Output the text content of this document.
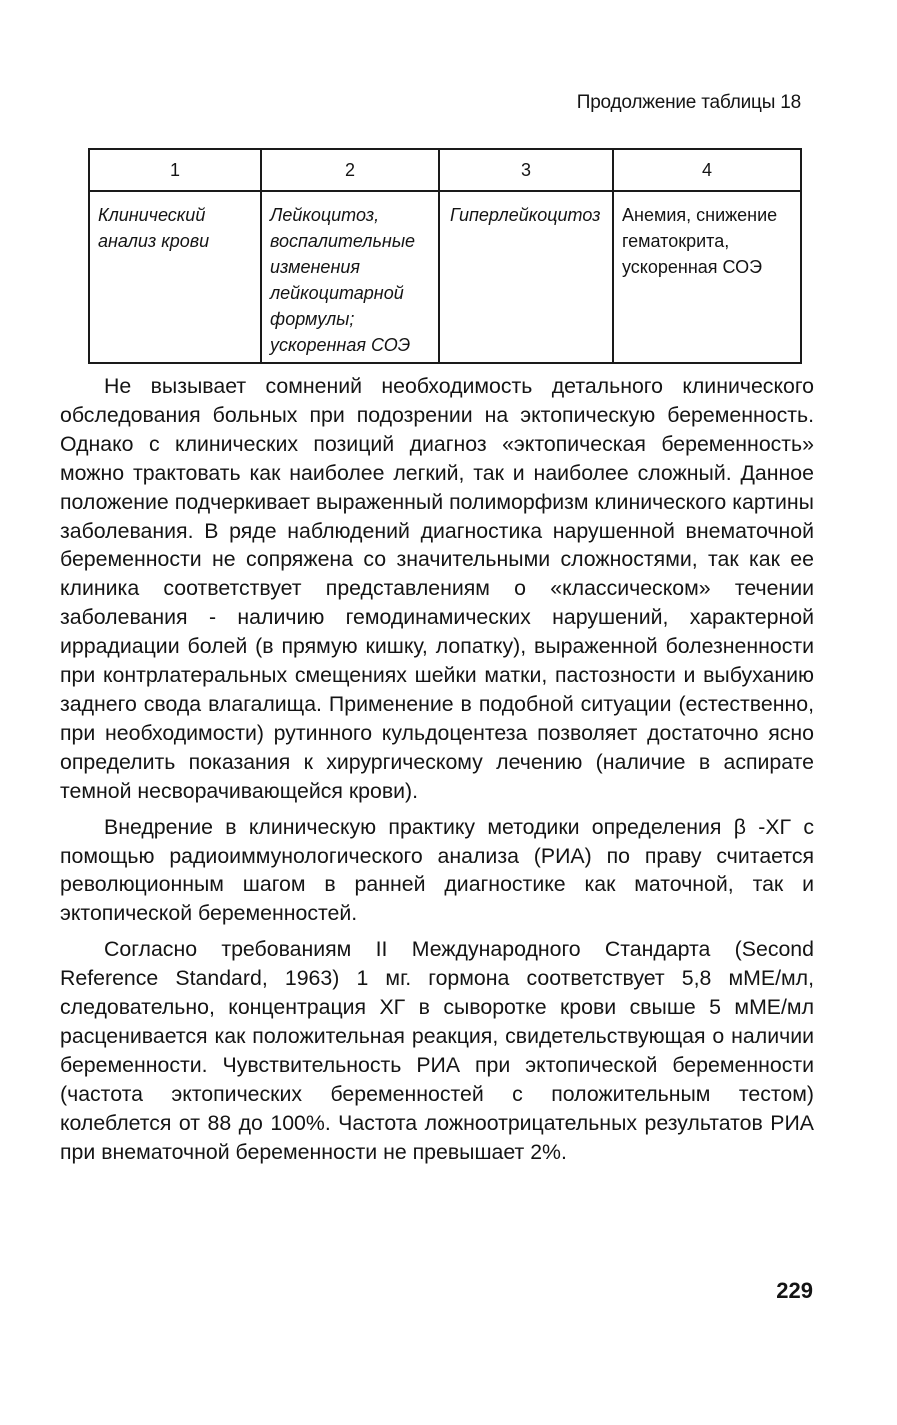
Продолжение таблицы 18
1	2	3	4
Клинический анализ крови	Лейкоцитоз, воспалительные изменения лейкоцитарной формулы; ускоренная СОЭ	Гиперлейкоцитоз	Анемия, снижение гематокрита, ускоренная СОЭ

Не вызывает сомнений необходимость детального клинического обследования больных при подозрении на эктопическую беременность. Однако с клинических позиций диагноз «эктопическая беременность» можно трактовать как наиболее легкий, так и наиболее сложный. Данное положение подчеркивает выраженный полиморфизм клинического картины заболевания. В ряде наблюдений диагностика нарушенной внематочной беременности не сопряжена со значительными сложностями, так как ее клиника соответствует представлениям о «классическом» течении заболевания - наличию гемодинамических нарушений, характерной иррадиации болей (в прямую кишку, лопатку), выраженной болезненности при контрлатеральных смещениях шейки матки, пастозности и выбуханию заднего свода влагалища. Применение в подобной ситуации (естественно, при необходимости) рутинного кульдоцентеза позволяет достаточно ясно определить показания к хирургическому лечению (наличие в аспирате темной несворачивающейся крови).

Внедрение в клиническую практику методики определения β -ХГ с помощью радиоиммунологического анализа (РИА) по праву считается революционным шагом в ранней диагностике как маточной, так и эктопической беременностей.

Согласно требованиям II Международного Стандарта (Second Reference Standard, 1963) 1 мг. гормона соответствует 5,8 мМЕ/мл, следовательно, концентрация ХГ в сыворотке крови свыше 5 мМЕ/мл расценивается как положительная реакция, свидетельствующая о наличии беременности. Чувствительность РИА при эктопической беременности (частота эктопических беременностей с положительным тестом) колеблется от 88 до 100%. Частота ложноотрицательных результатов РИА при внематочной беременности не превышает 2%.

229
